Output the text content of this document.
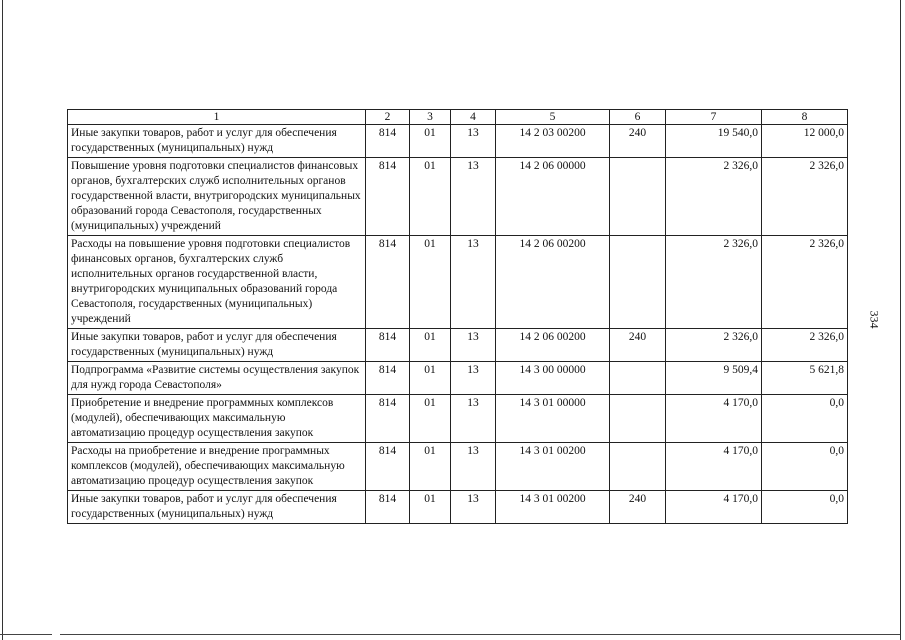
334
1	2	3	4	5	6	7	8
Иные закупки товаров, работ и услуг для обеспечения государственных (муниципальных) нужд	814	01	13	14 2 03 00200	240	19 540,0	12 000,0
Повышение уровня подготовки специалистов финансовых органов, бухгалтерских служб исполнительных органов государственной власти, внутригородских муниципальных образований города Севастополя, государственных (муниципальных) учреждений	814	01	13	14 2 06 00000		2 326,0	2 326,0
Расходы на повышение уровня подготовки специалистов финансовых органов, бухгалтерских служб исполнительных органов государственной власти, внутригородских муниципальных образований города Севастополя, государственных (муниципальных) учреждений	814	01	13	14 2 06 00200		2 326,0	2 326,0
Иные закупки товаров, работ и услуг для обеспечения государственных (муниципальных) нужд	814	01	13	14 2 06 00200	240	2 326,0	2 326,0
Подпрограмма «Развитие системы осуществления закупок для нужд города Севастополя»	814	01	13	14 3 00 00000		9 509,4	5 621,8
Приобретение и внедрение программных комплексов (модулей), обеспечивающих максимальную автоматизацию процедур осуществления закупок	814	01	13	14 3 01 00000		4 170,0	0,0
Расходы на приобретение и внедрение программных комплексов (модулей), обеспечивающих максимальную автоматизацию процедур осуществления закупок	814	01	13	14 3 01 00200		4 170,0	0,0
Иные закупки товаров, работ и услуг для обеспечения государственных (муниципальных) нужд	814	01	13	14 3 01 00200	240	4 170,0	0,0
